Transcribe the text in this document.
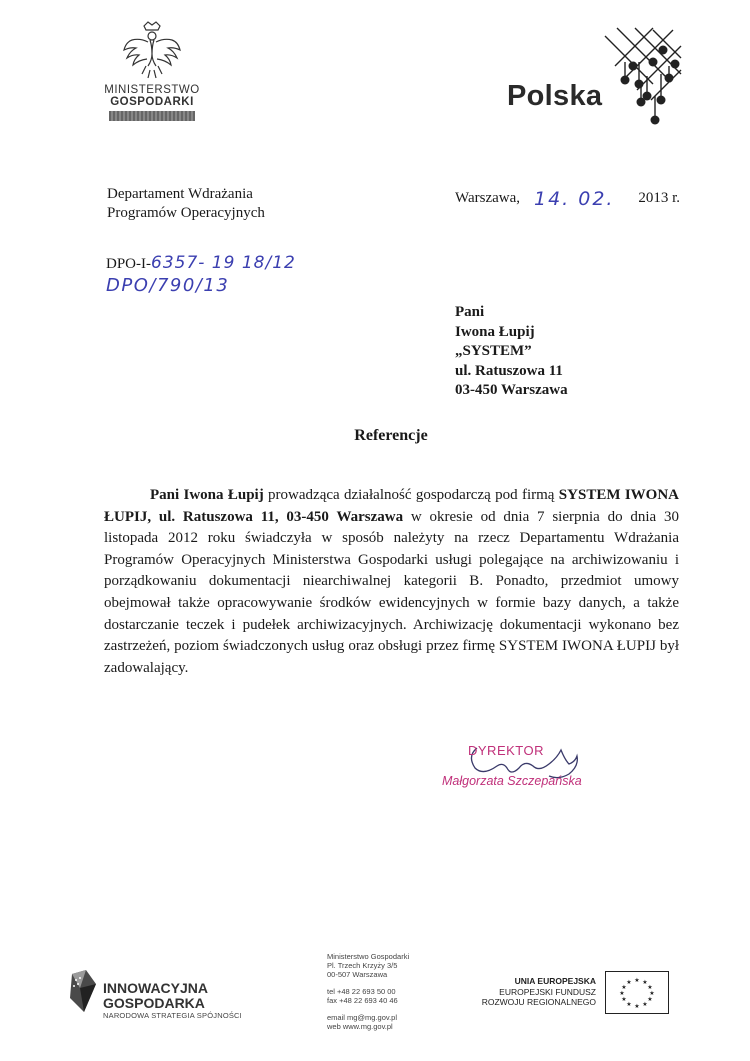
MINISTERSTWO
GOSPODARKI	Polska
Departament Wdrażania
Programów Operacyjnych
Warszawa, 14. 02. 2013 r.
DPO-I-6357- 19 18/12
DPO/790/13
Pani
Iwona Łupij
„SYSTEM”
ul. Ratuszowa 11
03-450 Warszawa
Referencje
Pani Iwona Łupij prowadząca działalność gospodarczą pod firmą SYSTEM IWONA ŁUPIJ, ul. Ratuszowa 11, 03-450 Warszawa w okresie od dnia 7 sierpnia do dnia 30 listopada 2012 roku świadczyła w sposób należyty na rzecz Departamentu Wdrażania Programów Operacyjnych Ministerstwa Gospodarki usługi polegające na archiwizowaniu i porządkowaniu dokumentacji niearchiwalnej kategorii B. Ponadto, przedmiot umowy obejmował także opracowywanie środków ewidencyjnych w formie bazy danych, a także dostarczanie teczek i pudełek archiwizacyjnych. Archiwizację dokumentacji wykonano bez zastrzeżeń, poziom świadczonych usług oraz obsługi przez firmę SYSTEM IWONA ŁUPIJ był zadowalający.
DYREKTOR
Małgorzata Szczepańska
INNOWACYJNA
GOSPODARKA
NARODOWA STRATEGIA SPÓJNOŚCI
Ministerstwo Gospodarki
Pl. Trzech Krzyży 3/5
00-507 Warszawa
tel +48 22 693 50 00
fax +48 22 693 40 46
email mg@mg.gov.pl
web www.mg.gov.pl
UNIA EUROPEJSKA
EUROPEJSKI FUNDUSZ
ROZWOJU REGIONALNEGO
★ ★
★
★
★
★
★
★
★
★
★
★
